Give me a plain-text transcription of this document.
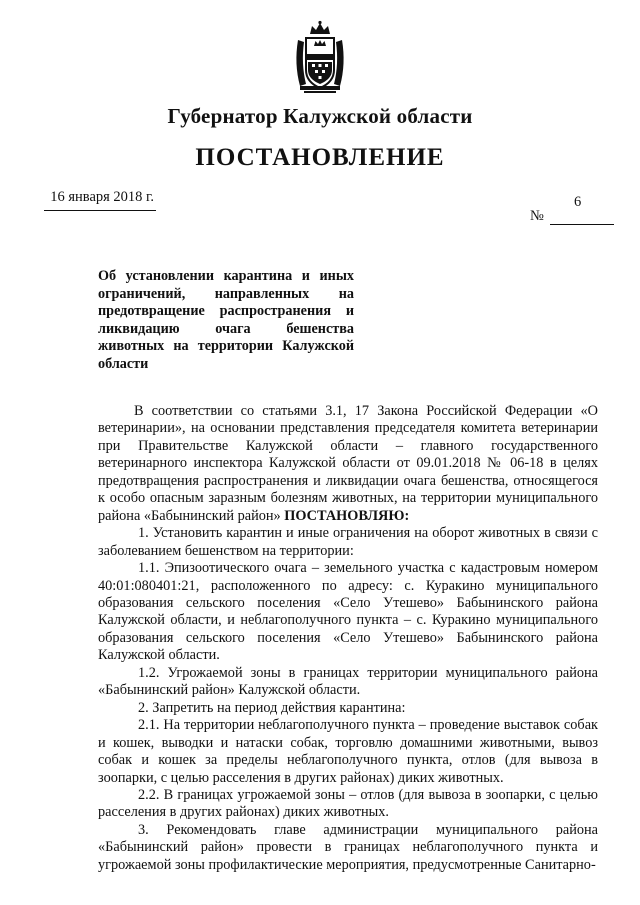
Губернатор Калужской области
ПОСТАНОВЛЕНИЕ
16 января 2018 г.	6
№
Об установлении карантина и иных ограничений, направленных на предотвращение распространения и ликвидацию очага бешенства животных на территории Калужской области

В соответствии со статьями 3.1, 17 Закона Российской Федерации «О ветеринарии», на основании представления председателя комитета ветеринарии при Правительстве Калужской области – главного государственного ветеринарного инспектора Калужской области от 09.01.2018 № 06-18 в целях предотвращения распространения и ликвидации очага бешенства, относящегося к особо опасным заразным болезням животных, на территории муниципального района «Бабынинский район» ПОСТАНОВЛЯЮ:

1. Установить карантин и иные ограничения на оборот животных в связи с заболеванием бешенством на территории:

1.1. Эпизоотического очага – земельного участка с кадастровым номером 40:01:080401:21, расположенного по адресу: с. Куракино муниципального образования сельского поселения «Село Утешево» Бабынинского района Калужской области, и неблагополучного пункта – с. Куракино муниципального образования сельского поселения «Село Утешево» Бабынинского района Калужской области.

1.2. Угрожаемой зоны в границах территории муниципального района «Бабынинский район» Калужской области.

2. Запретить на период действия карантина:

2.1. На территории неблагополучного пункта – проведение выставок собак и кошек, выводки и натаски собак, торговлю домашними животными, вывоз собак и кошек за пределы неблагополучного пункта, отлов (для вывоза в зоопарки, с целью расселения в других районах) диких животных.

2.2. В границах угрожаемой зоны – отлов (для вывоза в зоопарки, с целью расселения в других районах) диких животных.

3. Рекомендовать главе администрации муниципального района «Бабынинский район» провести в границах неблагополучного пункта и угрожаемой зоны профилактические мероприятия, предусмотренные Санитарно-
